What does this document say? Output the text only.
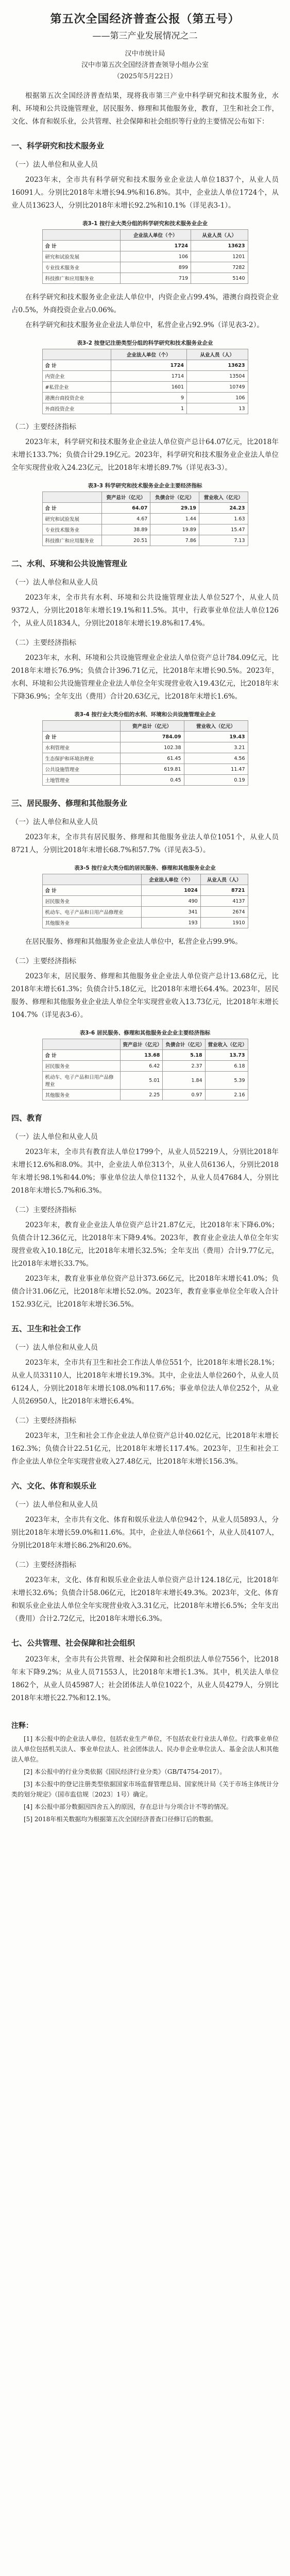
第五次全国经济普查公报（第五号）
——第三产业发展情况之二
汉中市统计局
汉中市第五次全国经济普查领导小组办公室
（2025年5月22日）

根据第五次全国经济普查结果，现将我市第三产业中科学研究和技术服务业，水利、环境和公共设施管理业，居民服务、修理和其他服务业，教育，卫生和社会工作，文化、体育和娱乐业，公共管理、社会保障和社会组织等行业的主要情况公布如下：

一、科学研究和技术服务业
（一）法人单位和从业人员

2023年末，全市共有科学研究和技术服务业企业法人单位1837个，从业人员16091人。分别比2018年末增长94.9%和16.8%。其中，企业法人单位1724个，从业人员13623人，分别比2018年末增长92.2%和10.1%（详见表3-1）。

表3-1 按行业大类分组的科学研究和技术服务业企业
	企业法人单位（个）	从业人员（人）
合 计	1724	13623
研究和试验发展	106	1201
专业技术服务业	899	7282
科技推广和应用服务业	719	5140

在科学研究和技术服务业企业法人单位中，内资企业占99.4%，港澳台商投资企业占0.5%，外商投资企业占0.06%。

在科学研究和技术服务业企业法人单位中，私营企业占92.9%（详见表3-2）。

表3-2 按登记注册类型分组的科学研究和技术服务业企业
	企业法人单位（个）	从业人员（人）
合 计	1724	13623
内资企业	1714	13504
#私营企业	1601	10749
港澳台商投资企业	9	106
外商投资企业	1	13
（二）主要经济指标

2023年末，科学研究和技术服务业企业法人单位资产总计64.07亿元，比2018年末增长133.7%；负债合计29.19亿元。2023年，科学研究和技术服务业企业法人单位全年实现营业收入24.23亿元，比2018年末增长89.7%（详见表3-3）。

表3-3 科学研究和技术服务业企业主要经济指标
	资产总计（亿元）	负债合计（亿元）	营业收入（亿元）
合 计	64.07	29.19	24.23
研究和试验发展	4.67	1.44	1.63
专业技术服务业	38.89	19.89	15.47
科技推广和应用服务业	20.51	7.86	7.13
二、水利、环境和公共设施管理业
（一）法人单位和从业人员

2023年末，全市共有水利、环境和公共设施管理业法人单位527个，从业人员9372人，分别比2018年末增长19.1%和11.5%。其中，行政事业单位法人单位126个，从业人员1834人，分别比2018年末增长19.8%和17.4%。

（二）主要经济指标

2023年末，水利、环境和公共设施管理业企业法人单位资产总计784.09亿元，比2018年末增长76.9%；负债合计396.71亿元，比2018年末增长90.5%。2023年，水利、环境和公共设施管理业企业法人单位全年实现营业收入19.43亿元，比2018年末下降36.9%；全年支出（费用）合计20.63亿元，比2018年末增长1.6%。

表3-4 按行业大类分组的水利、环境和公共设施管理业企业
	资产总计（亿元）	营业收入（亿元）
合 计	784.09	19.43
水利管理业	102.38	3.21
生态保护和环境治理业	61.45	4.56
公共设施管理业	619.81	11.47
土地管理业	0.45	0.19
三、居民服务、修理和其他服务业
（一）法人单位和从业人员

2023年末，全市共有居民服务、修理和其他服务业法人单位1051个，从业人员8721人，分别比2018年末增长68.7%和57.7%（详见表3-5）。

表3-5 按行业大类分组的居民服务、修理和其他服务业企业
	企业法人单位（个）	从业人员（人）
合 计	1024	8721
居民服务业	490	4137
机动车、电子产品和日用产品修理业	341	2674
其他服务业	193	1910

在居民服务、修理和其他服务业企业法人单位中，私营企业占99.9%。

（二）主要经济指标

2023年末，居民服务、修理和其他服务业企业法人单位资产总计13.68亿元，比2018年末增长61.3%；负债合计5.18亿元，比2018年末增长64.4%。2023年，居民服务、修理和其他服务业企业法人单位全年实现营业收入13.73亿元，比2018年末增长104.7%（详见表3-6）。

表3-6 居民服务、修理和其他服务业企业主要经济指标
	资产总计（亿元）	负债合计（亿元）	营业收入（亿元）
合 计	13.68	5.18	13.73
居民服务业	6.42	2.37	6.18
机动车、电子产品和日用产品修理业	5.01	1.84	5.39
其他服务业	2.25	0.97	2.16
四、教育
（一）法人单位和从业人员

2023年末，全市共有教育法人单位1799个，从业人员52219人，分别比2018年末增长12.6%和8.0%。其中，企业法人单位313个，从业人员6136人，分别比2018年末增长98.1%和44.0%；事业单位法人单位1132个，从业人员47684人，分别比2018年末增长5.7%和6.3%。

（二）主要经济指标

2023年末，教育业企业法人单位资产总计21.87亿元，比2018年末下降6.0%；负债合计12.36亿元，比2018年末下降9.4%。2023年，教育业企业法人单位全年实现营业收入10.18亿元，比2018年末增长32.5%；全年支出（费用）合计9.77亿元，比2018年末增长33.7%。

2023年末，教育业事业单位资产总计373.66亿元，比2018年末增长41.0%；负债合计31.06亿元，比2018年末增长52.0%。2023年，教育业事业单位全年收入合计152.93亿元，比2018年末增长36.5%。

五、卫生和社会工作
（一）法人单位和从业人员

2023年末，全市共有卫生和社会工作法人单位551个，比2018年末增长28.1%；从业人员33110人，比2018年末增长19.3%。其中，企业法人单位260个，从业人员6124人，分别比2018年末增长108.0%和117.6%；事业单位法人单位252个，从业人员26950人，比2018年末增长6.4%。

（二）主要经济指标

2023年末，卫生和社会工作企业法人单位资产总计40.02亿元，比2018年末增长162.3%；负债合计22.51亿元，比2018年末增长117.4%。2023年，卫生和社会工作企业法人单位全年实现营业收入27.48亿元，比2018年末增长156.3%。

六、文化、体育和娱乐业
（一）法人单位和从业人员

2023年末，全市共有文化、体育和娱乐业法人单位942个，从业人员5893人，分别比2018年末增长59.0%和11.6%。其中，企业法人单位661个，从业人员4107人，分别比2018年末增长86.2%和20.6%。

（二）主要经济指标

2023年末，文化、体育和娱乐业企业法人单位资产总计124.18亿元，比2018年末增长32.6%；负债合计58.06亿元，比2018年末增长49.3%。2023年，文化、体育和娱乐业企业法人单位全年实现营业收入3.31亿元，比2018年末增长6.5%；全年支出（费用）合计2.72亿元，比2018年末增长6.3%。

七、公共管理、社会保障和社会组织

2023年末，全市共有公共管理、社会保障和社会组织法人单位7556个，比2018年末下降9.2%；从业人员71553人，比2018年末增长1.3%。其中，机关法人单位1862个，从业人员45987人；社会团体法人单位1022个，从业人员4279人，分别比2018年末增长22.7%和12.1%。

注释：

[1] 本公报中的企业法人单位，包括农业生产单位，不包括农业行业法人单位。行政事业单位法人单位包括机关法人、事业单位法人、社会团体法人、民办非企业单位法人、基金会法人和其他法人单位。

[2] 本公报中的行业分类依据《国民经济行业分类》（GB/T4754-2017）。

[3] 本公报中的登记注册类型依据国家市场监督管理总局、国家统计局《关于市场主体统计分类的划分规定》（国市监信规〔2023〕1号）确定。

[4] 本公报中部分数据因四舍五入的原因，存在总计与分项合计不等的情况。

[5] 2018年相关数据均为根据第五次全国经济普查口径修订后的数据。
